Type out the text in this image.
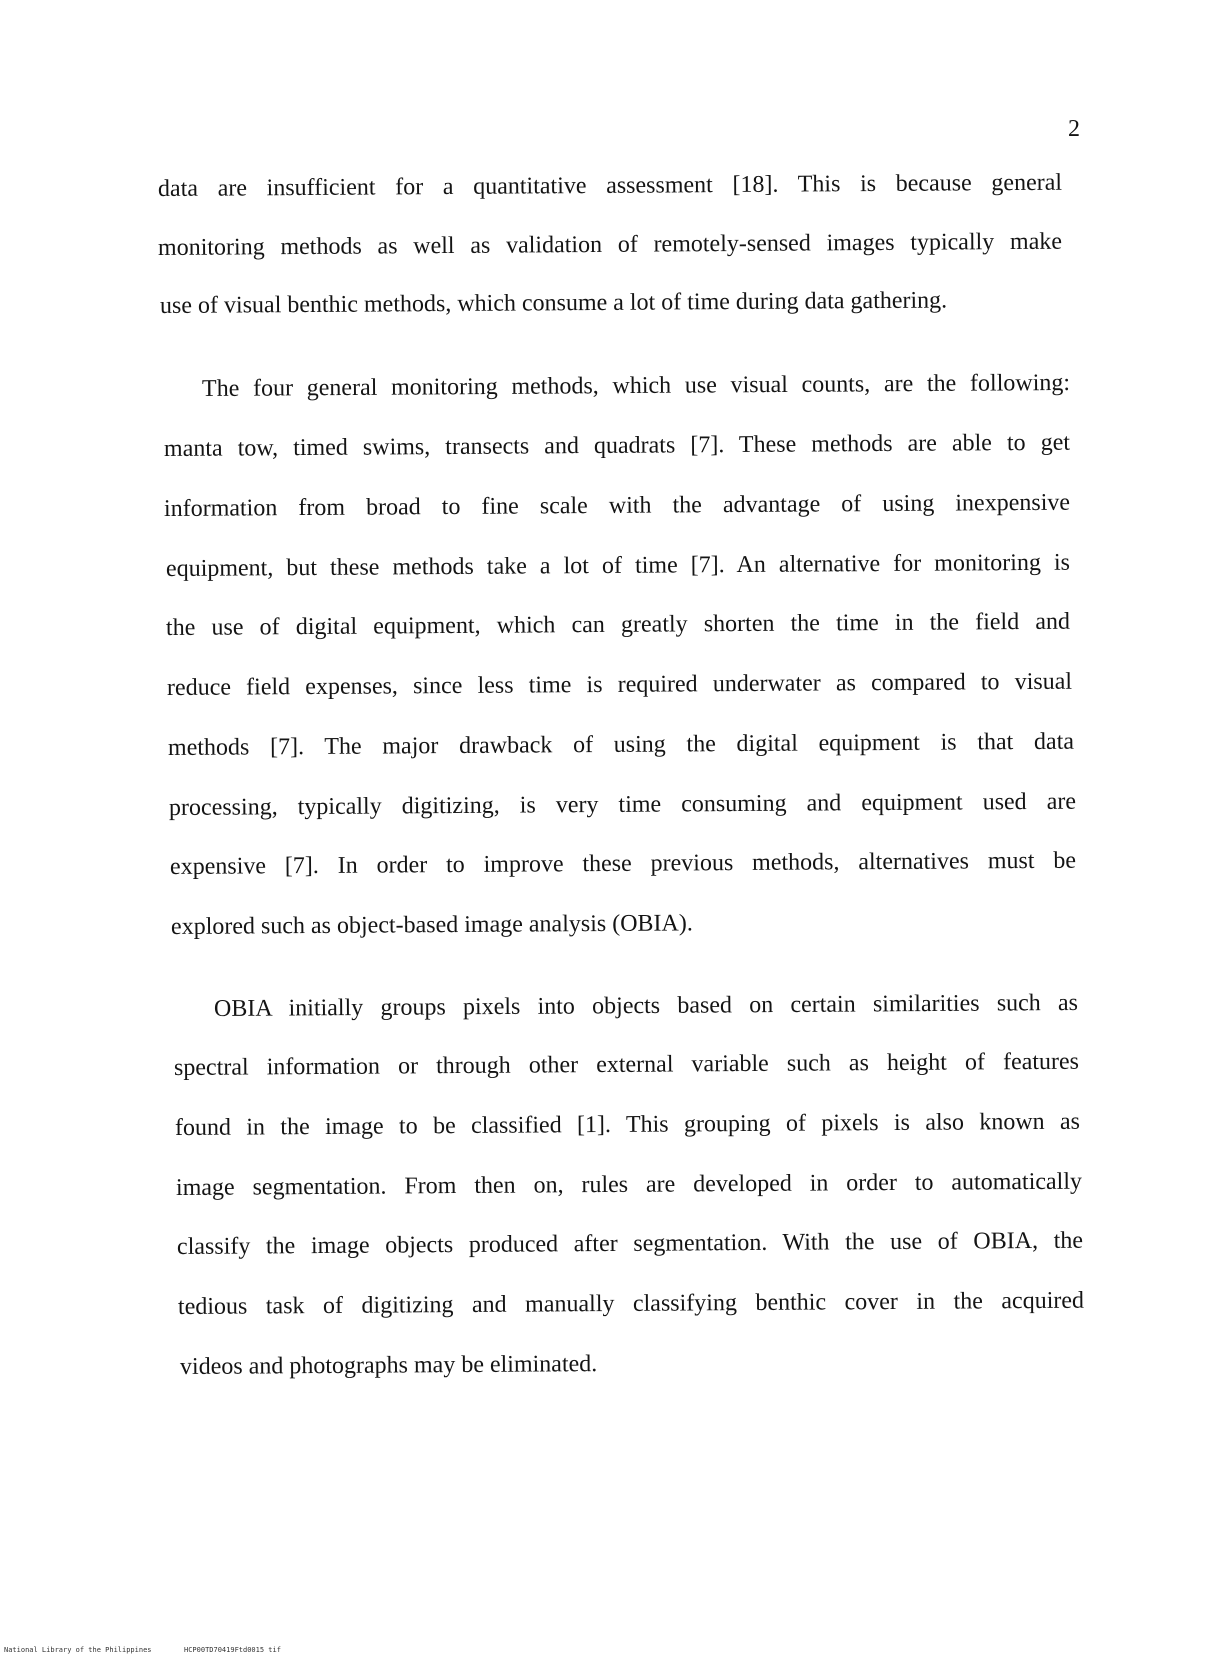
2
data are insufficient for a quantitative assessment [18]. This is because general
monitoring methods as well as validation of remotely-sensed images typically make
use of visual benthic methods, which consume a lot of time during data gathering.
The four general monitoring methods, which use visual counts, are the following:
manta tow, timed swims, transects and quadrats [7]. These methods are able to get
information from broad to fine scale with the advantage of using inexpensive
equipment, but these methods take a lot of time [7]. An alternative for monitoring is
the use of digital equipment, which can greatly shorten the time in the field and
reduce field expenses, since less time is required underwater as compared to visual
methods [7]. The major drawback of using the digital equipment is that data
processing, typically digitizing, is very time consuming and equipment used are
expensive [7]. In order to improve these previous methods, alternatives must be
explored such as object-based image analysis (OBIA).
OBIA initially groups pixels into objects based on certain similarities such as
spectral information or through other external variable such as height of features
found in the image to be classified [1]. This grouping of pixels is also known as
image segmentation. From then on, rules are developed in order to automatically
classify the image objects produced after segmentation. With the use of OBIA, the
tedious task of digitizing and manually classifying benthic cover in the acquired
videos and photographs may be eliminated.
National Library of the Philippines	HCP00TD70419Ftd0015 tif
